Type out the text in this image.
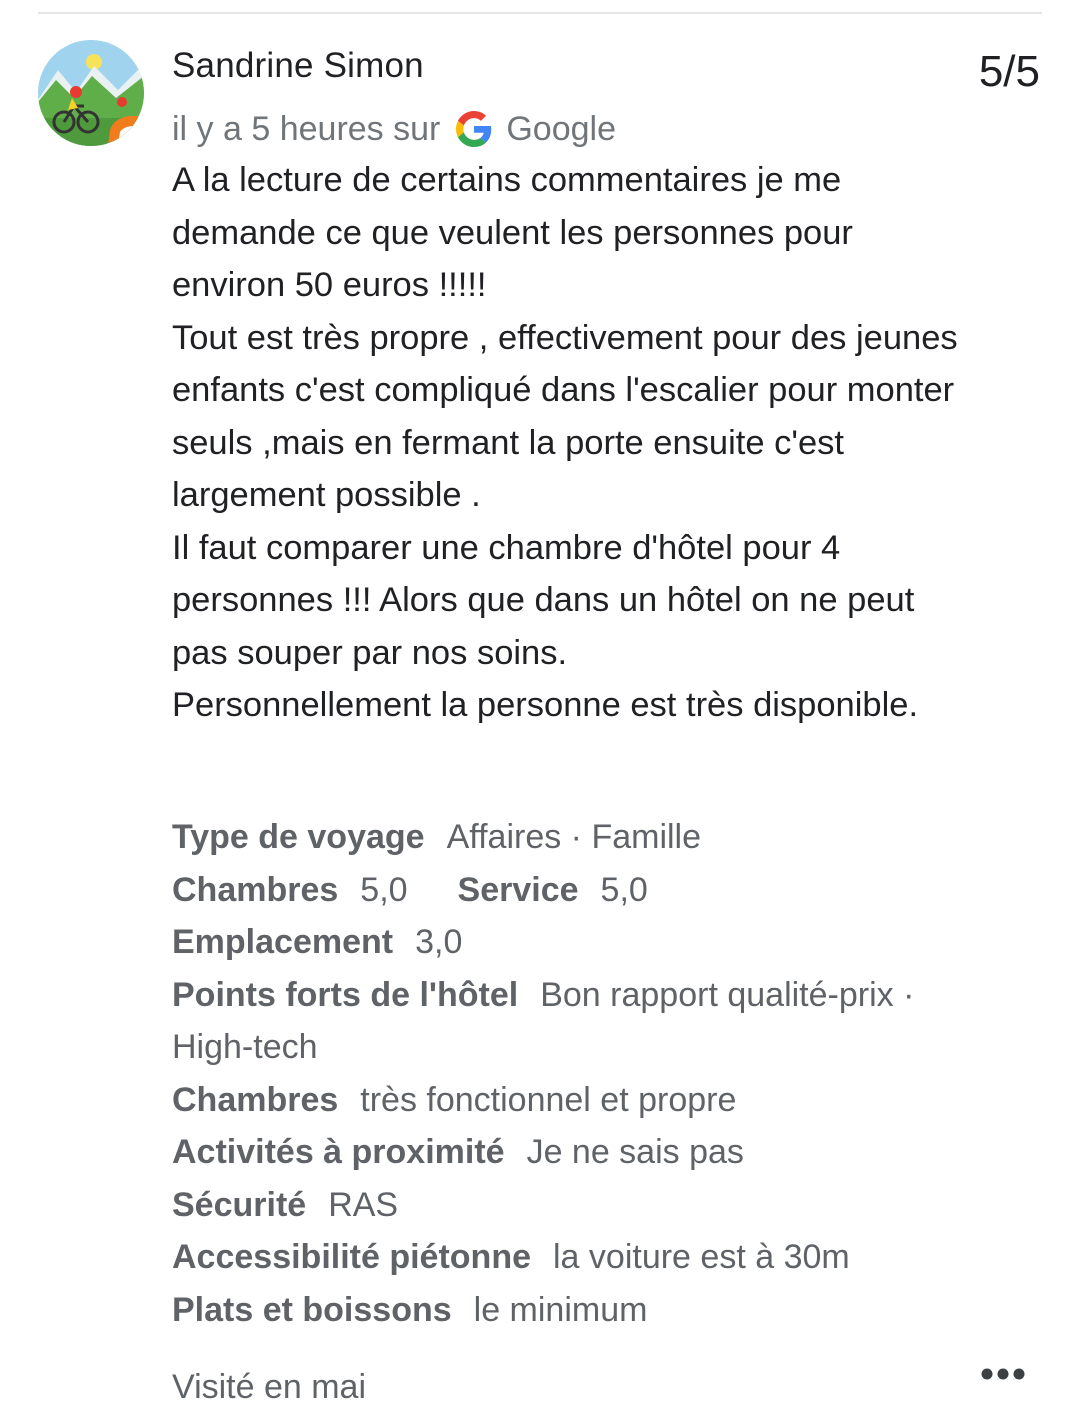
Sandrine Simon	5/5
il y a 5 heures sur Google
A la lecture de certains commentaires je me demande ce que veulent les personnes pour environ 50 euros !!!!!
Tout est très propre , effectivement pour des jeunes enfants c'est compliqué dans l'escalier pour monter seuls ,mais en fermant la porte ensuite c'est largement possible .
Il faut comparer une chambre d'hôtel pour 4 personnes !!! Alors que dans un hôtel on ne peut pas souper par nos soins.
Personnellement la personne est très disponible.
Type de voyage Affaires · Famille
Chambres 5,0 Service 5,0
Emplacement 3,0
Points forts de l'hôtel Bon rapport qualité-prix · High-tech
Chambres très fonctionnel et propre
Activités à proximité Je ne sais pas
Sécurité RAS
Accessibilité piétonne la voiture est à 30m
Plats et boissons le minimum
Visité en mai
